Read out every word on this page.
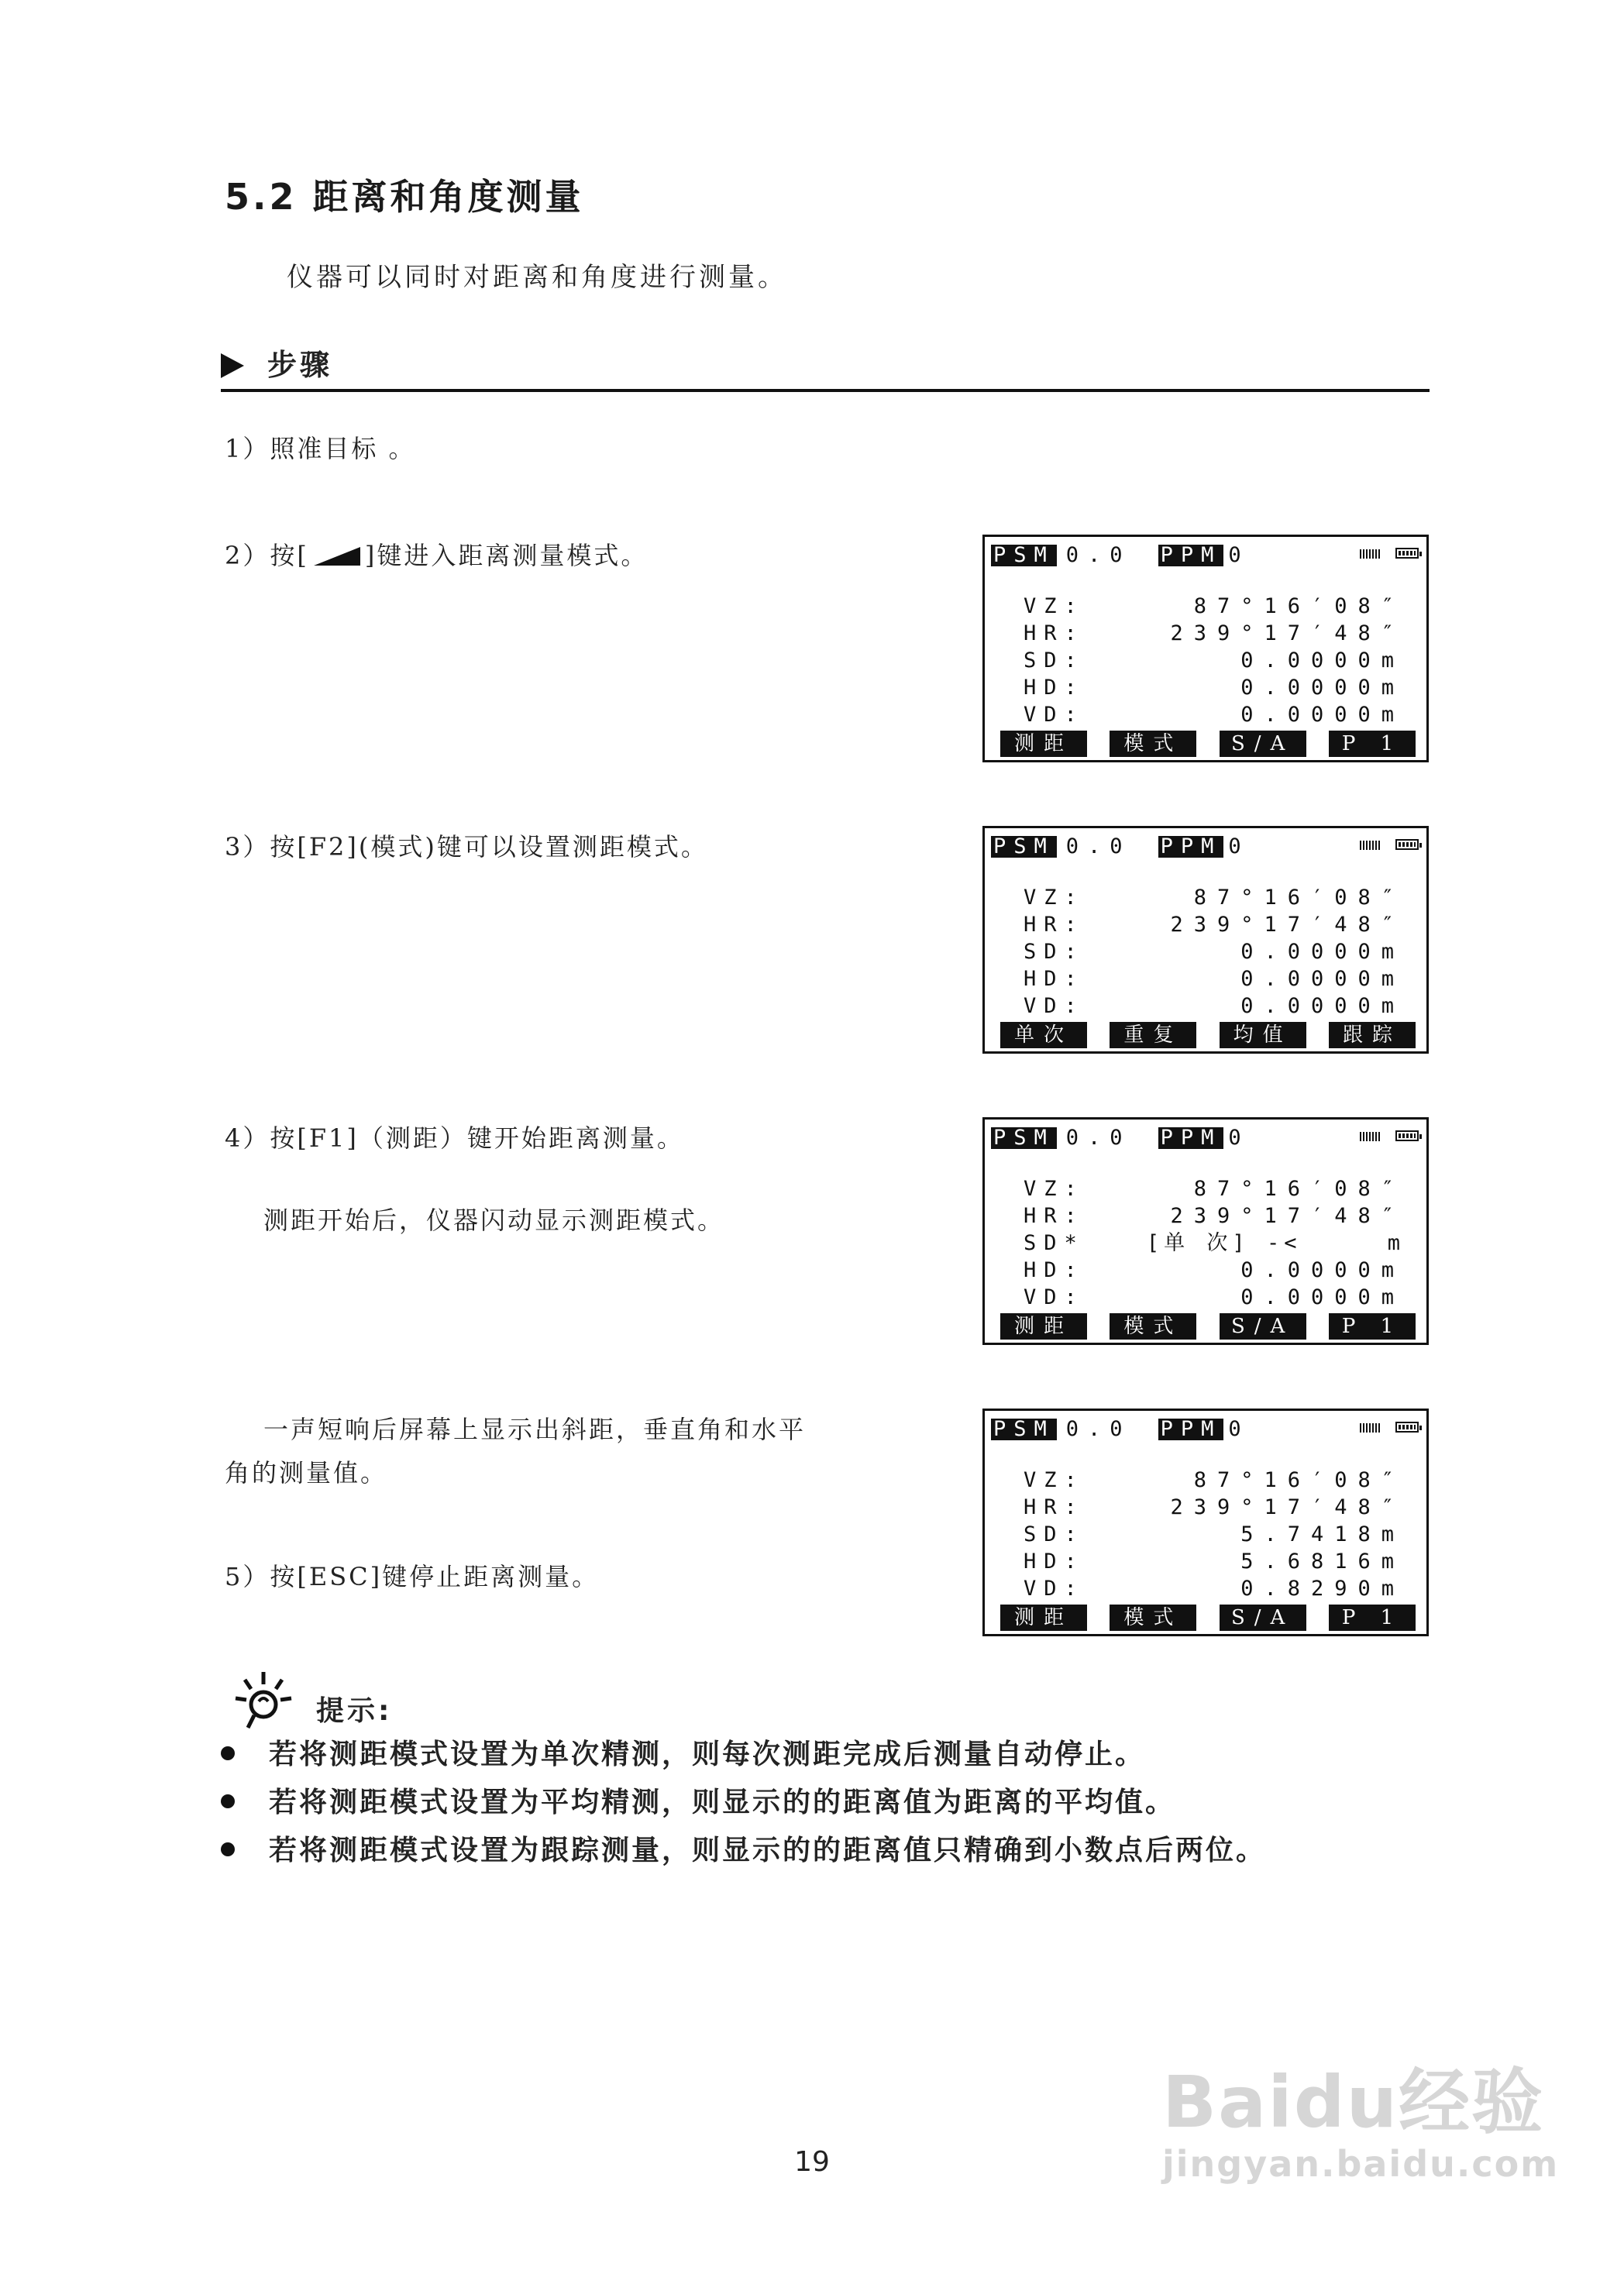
5.2 距离和角度测量
仪器可以同时对距离和角度进行测量。
步骤
1）照准目标 。
2）按[ ]键进入距离测量模式。
3）按[F2](模式)键可以设置测距模式。
4）按[F1]（测距）键开始距离测量。
测距开始后，仪器闪动显示测距模式。
一声短响后屏幕上显示出斜距，垂直角和水平
角的测量值。
5）按[ESC]键停止距离测量。
PSM 0.0 PPM 0
VZ:	87°16′08″
HR:	239°17′48″
SD:	0.0000m
HD:	0.0000m
VD:	0.0000m
测距	模式	S/A	P 1
PSM 0.0 PPM 0
VZ:	87°16′08″
HR:	239°17′48″
SD:	0.0000m
HD:	0.0000m
VD:	0.0000m
单次	重复	均值	跟踪
PSM 0.0 PPM 0
VZ:	87°16′08″
HR:	239°17′48″
SD*	[单 次] -<     m
HD:	0.0000m
VD:	0.0000m
测距	模式	S/A	P 1
PSM 0.0 PPM 0
VZ:	87°16′08″
HR:	239°17′48″
SD:	5.7418m
HD:	5.6816m
VD:	0.8290m
测距	模式	S/A	P 1
提示:
若将测距模式设置为单次精测，则每次测距完成后测量自动停止。
若将测距模式设置为平均精测，则显示的的距离值为距离的平均值。
若将测距模式设置为跟踪测量，则显示的的距离值只精确到小数点后两位。
Baidu经验
jingyan.baidu.com
19
